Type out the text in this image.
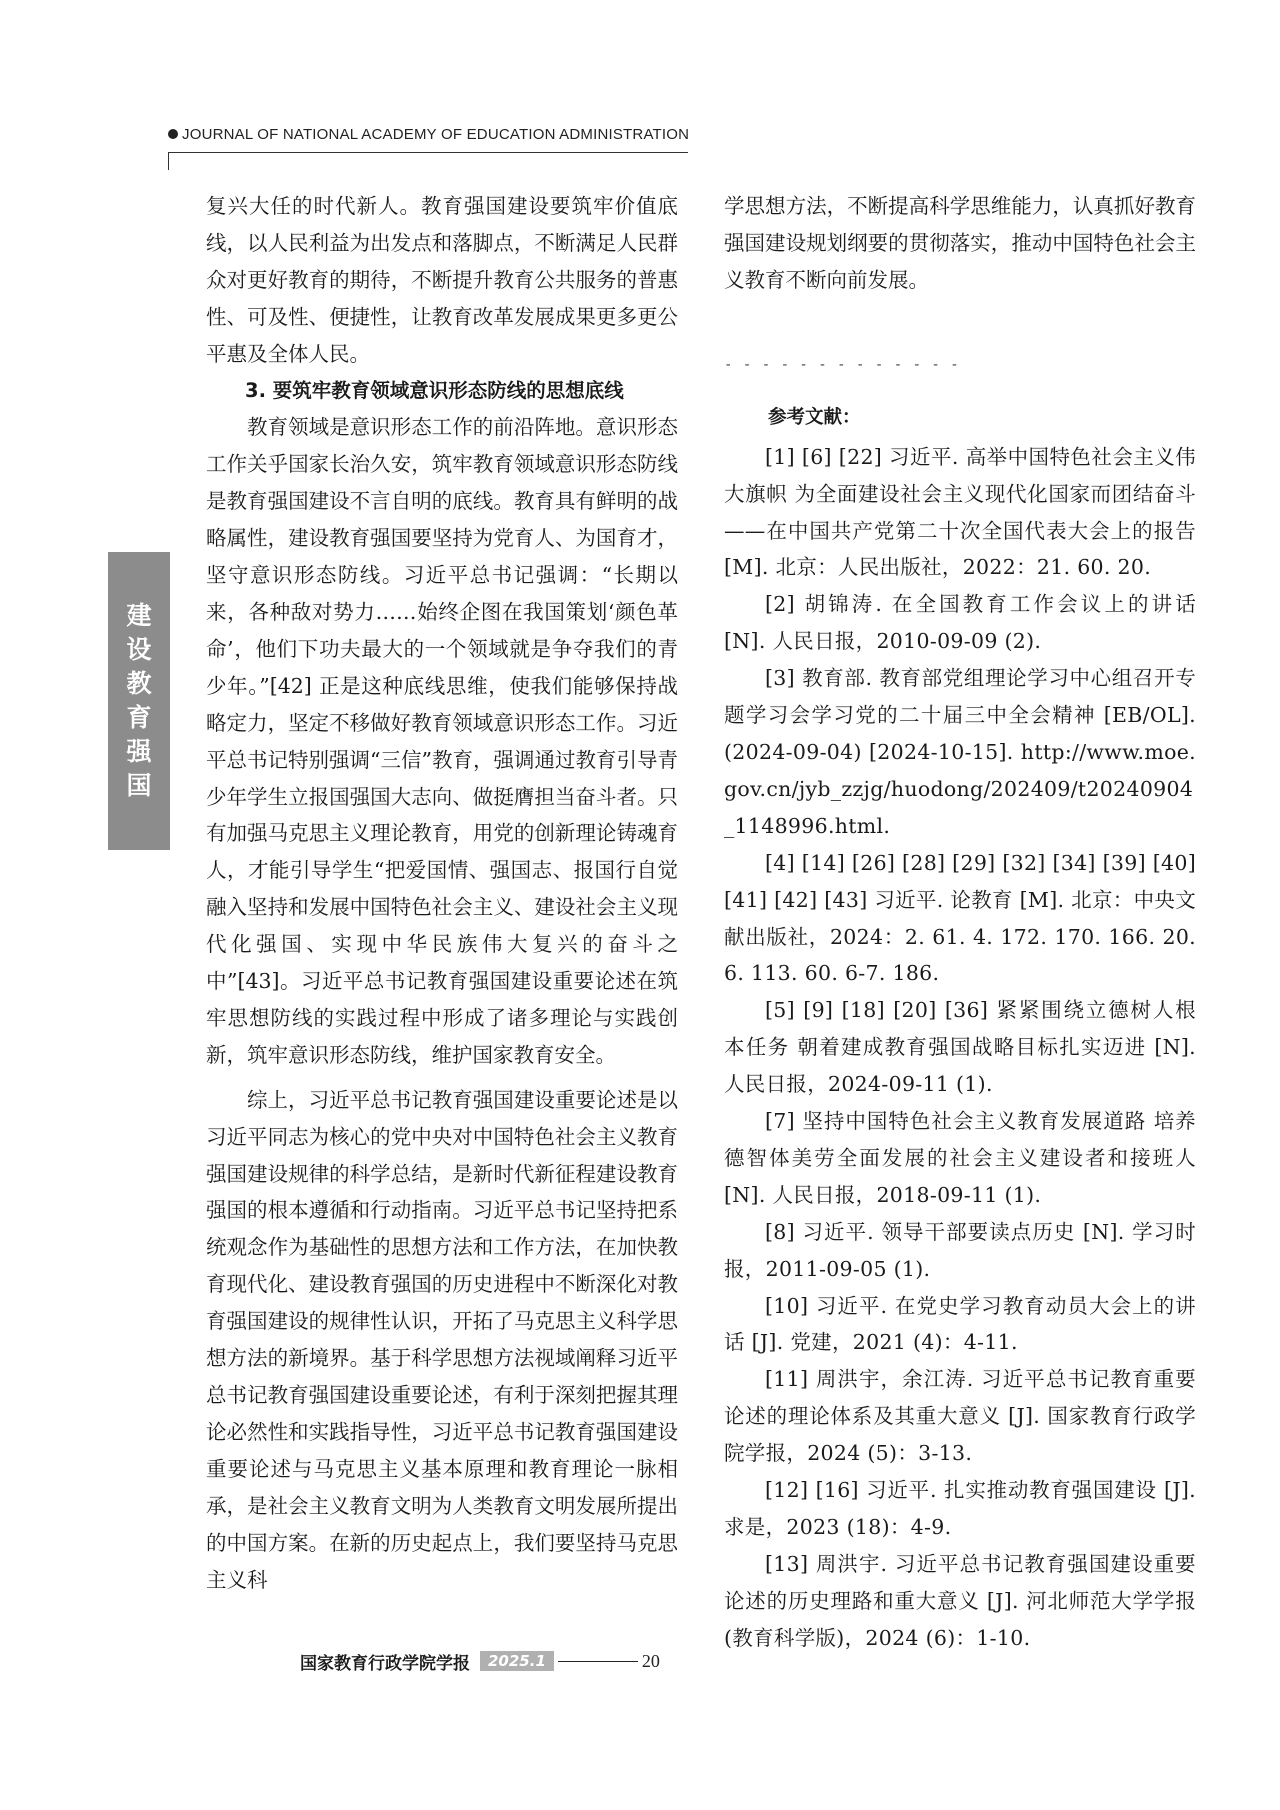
JOURNAL OF NATIONAL ACADEMY OF EDUCATION ADMINISTRATION
建
设
教
育
强
国

复兴大任的时代新人。教育强国建设要筑牢价值底线，以人民利益为出发点和落脚点，不断满足人民群众对更好教育的期待，不断提升教育公共服务的普惠性、可及性、便捷性，让教育改革发展成果更多更公平惠及全体人民。

3. 要筑牢教育领域意识形态防线的思想底线

教育领域是意识形态工作的前沿阵地。意识形态工作关乎国家长治久安，筑牢教育领域意识形态防线是教育强国建设不言自明的底线。教育具有鲜明的战略属性，建设教育强国要坚持为党育人、为国育才，坚守意识形态防线。习近平总书记强调：“长期以来，各种敌对势力……始终企图在我国策划‘颜色革命’，他们下功夫最大的一个领域就是争夺我们的青少年。”[42] 正是这种底线思维，使我们能够保持战略定力，坚定不移做好教育领域意识形态工作。习近平总书记特别强调“三信”教育，强调通过教育引导青少年学生立报国强国大志向、做挺膺担当奋斗者。只有加强马克思主义理论教育，用党的创新理论铸魂育人，才能引导学生“把爱国情、强国志、报国行自觉融入坚持和发展中国特色社会主义、建设社会主义现代化强国、实现中华民族伟大复兴的奋斗之中”[43]。习近平总书记教育强国建设重要论述在筑牢思想防线的实践过程中形成了诸多理论与实践创新，筑牢意识形态防线，维护国家教育安全。

综上，习近平总书记教育强国建设重要论述是以习近平同志为核心的党中央对中国特色社会主义教育强国建设规律的科学总结，是新时代新征程建设教育强国的根本遵循和行动指南。习近平总书记坚持把系统观念作为基础性的思想方法和工作方法，在加快教育现代化、建设教育强国的历史进程中不断深化对教育强国建设的规律性认识，开拓了马克思主义科学思想方法的新境界。基于科学思想方法视域阐释习近平总书记教育强国建设重要论述，有利于深刻把握其理论必然性和实践指导性，习近平总书记教育强国建设重要论述与马克思主义基本原理和教育理论一脉相承，是社会主义教育文明为人类教育文明发展所提出的中国方案。在新的历史起点上，我们要坚持马克思主义科

学思想方法，不断提高科学思维能力，认真抓好教育强国建设规划纲要的贯彻落实，推动中国特色社会主义教育不断向前发展。

- - - - - - - - - - - - -
参考文献：

[1] [6] [22] 习近平. 高举中国特色社会主义伟大旗帜 为全面建设社会主义现代化国家而团结奋斗——在中国共产党第二十次全国代表大会上的报告 [M]. 北京：人民出版社，2022：21. 60. 20.

[2] 胡锦涛. 在全国教育工作会议上的讲话 [N]. 人民日报，2010-09-09 (2).

[3] 教育部. 教育部党组理论学习中心组召开专题学习会学习党的二十届三中全会精神 [EB/OL]. (2024-09-04) [2024-10-15]. http://www.moe.gov.cn/jyb_zzjg/huodong/202409/t20240904_1148996.html.

[4] [14] [26] [28] [29] [32] [34] [39] [40] [41] [42] [43] 习近平. 论教育 [M]. 北京：中央文献出版社，2024：2. 61. 4. 172. 170. 166. 20. 6. 113. 60. 6-7. 186.

[5] [9] [18] [20] [36] 紧紧围绕立德树人根本任务 朝着建成教育强国战略目标扎实迈进 [N]. 人民日报，2024-09-11 (1).

[7] 坚持中国特色社会主义教育发展道路 培养德智体美劳全面发展的社会主义建设者和接班人 [N]. 人民日报，2018-09-11 (1).

[8] 习近平. 领导干部要读点历史 [N]. 学习时报，2011-09-05 (1).

[10] 习近平. 在党史学习教育动员大会上的讲话 [J]. 党建，2021 (4)：4-11.

[11] 周洪宇，余江涛. 习近平总书记教育重要论述的理论体系及其重大意义 [J]. 国家教育行政学院学报，2024 (5)：3-13.

[12] [16] 习近平. 扎实推动教育强国建设 [J]. 求是，2023 (18)：4-9.

[13] 周洪宇. 习近平总书记教育强国建设重要论述的历史理路和重大意义 [J]. 河北师范大学学报 (教育科学版)，2024 (6)：1-10.

国家教育行政学院学报	2025.1	20
